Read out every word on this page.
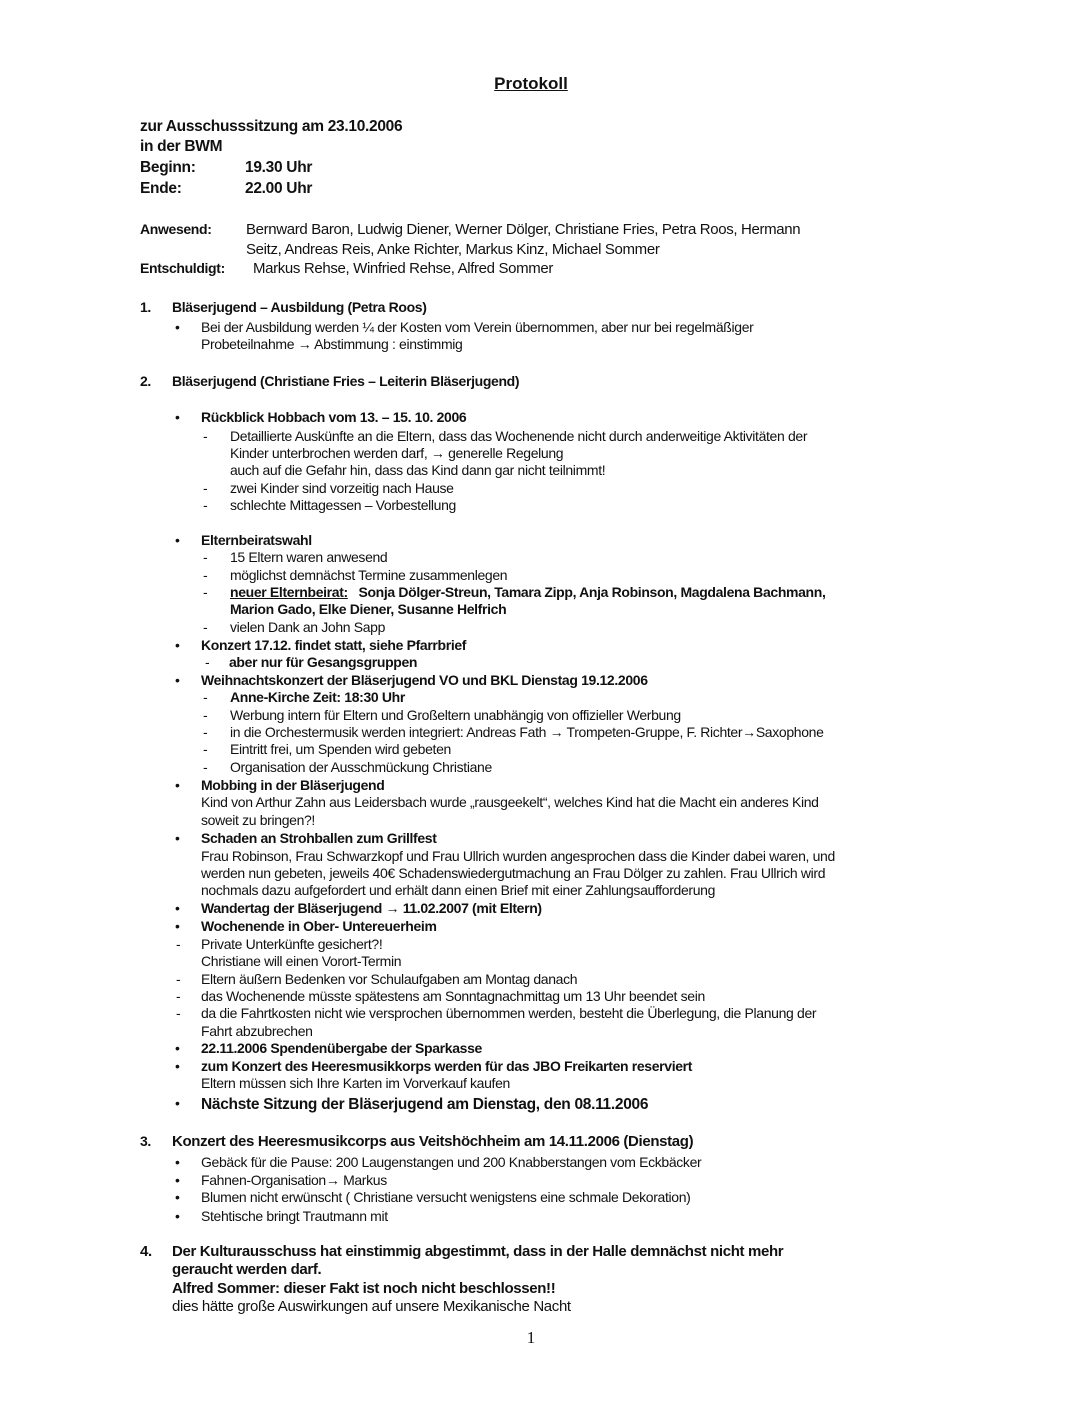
Protokoll
zur Ausschusssitzung am 23.10.2006
in der BWM
Beginn:	19.30 Uhr
Ende:	22.00 Uhr
Anwesend: Bernward Baron, Ludwig Diener, Werner Dölger, Christiane Fries, Petra Roos, Hermann
Seitz, Andreas Reis, Anke Richter, Markus Kinz, Michael Sommer
Entschuldigt: Markus Rehse, Winfried Rehse, Alfred Sommer
1. Bläserjugend – Ausbildung (Petra Roos)
• Bei der Ausbildung werden ¼ der Kosten vom Verein übernommen, aber nur bei regelmäßiger
Probeteilnahme → Abstimmung : einstimmig
2. Bläserjugend (Christiane Fries – Leiterin Bläserjugend)
• Rückblick Hobbach vom 13. – 15. 10. 2006
- Detaillierte Auskünfte an die Eltern, dass das Wochenende nicht durch anderweitige Aktivitäten der
Kinder unterbrochen werden darf, → generelle Regelung
auch auf die Gefahr hin, dass das Kind dann gar nicht teilnimmt!
- zwei Kinder sind vorzeitig nach Hause
- schlechte Mittagessen – Vorbestellung
• Elternbeiratswahl
- 15 Eltern waren anwesend
- möglichst demnächst Termine zusammenlegen
- neuer Elternbeirat: Sonja Dölger-Streun, Tamara Zipp, Anja Robinson, Magdalena Bachmann,
Marion Gado, Elke Diener, Susanne Helfrich
- vielen Dank an John Sapp
• Konzert 17.12. findet statt, siehe Pfarrbrief
- aber nur für Gesangsgruppen
• Weihnachtskonzert der Bläserjugend VO und BKL Dienstag 19.12.2006
- Anne-Kirche Zeit: 18:30 Uhr
- Werbung intern für Eltern und Großeltern unabhängig von offizieller Werbung
- in die Orchestermusik werden integriert: Andreas Fath → Trompeten-Gruppe, F. Richter→Saxophone
- Eintritt frei, um Spenden wird gebeten
- Organisation der Ausschmückung Christiane
• Mobbing in der Bläserjugend
Kind von Arthur Zahn aus Leidersbach wurde „rausgeekelt“, welches Kind hat die Macht ein anderes Kind
soweit zu bringen?!
• Schaden an Strohballen zum Grillfest
Frau Robinson, Frau Schwarzkopf und Frau Ullrich wurden angesprochen dass die Kinder dabei waren, und
werden nun gebeten, jeweils 40€ Schadenswiedergutmachung an Frau Dölger zu zahlen. Frau Ullrich wird
nochmals dazu aufgefordert und erhält dann einen Brief mit einer Zahlungsaufforderung
• Wandertag der Bläserjugend → 11.02.2007 (mit Eltern)
• Wochenende in Ober- Untereuerheim
- Private Unterkünfte gesichert?!
Christiane will einen Vorort-Termin
- Eltern äußern Bedenken vor Schulaufgaben am Montag danach
- das Wochenende müsste spätestens am Sonntagnachmittag um 13 Uhr beendet sein
- da die Fahrtkosten nicht wie versprochen übernommen werden, besteht die Überlegung, die Planung der
Fahrt abzubrechen
• 22.11.2006 Spendenübergabe der Sparkasse
• zum Konzert des Heeresmusikkorps werden für das JBO Freikarten reserviert
Eltern müssen sich Ihre Karten im Vorverkauf kaufen
• Nächste Sitzung der Bläserjugend am Dienstag, den 08.11.2006
3. Konzert des Heeresmusikcorps aus Veitshöchheim am 14.11.2006 (Dienstag)
• Gebäck für die Pause: 200 Laugenstangen und 200 Knabberstangen vom Eckbäcker
• Fahnen-Organisation→ Markus
• Blumen nicht erwünscht ( Christiane versucht wenigstens eine schmale Dekoration)
• Stehtische bringt Trautmann mit
4. Der Kulturausschuss hat einstimmig abgestimmt, dass in der Halle demnächst nicht mehr
geraucht werden darf.
Alfred Sommer: dieser Fakt ist noch nicht beschlossen!!
dies hätte große Auswirkungen auf unsere Mexikanische Nacht
1
